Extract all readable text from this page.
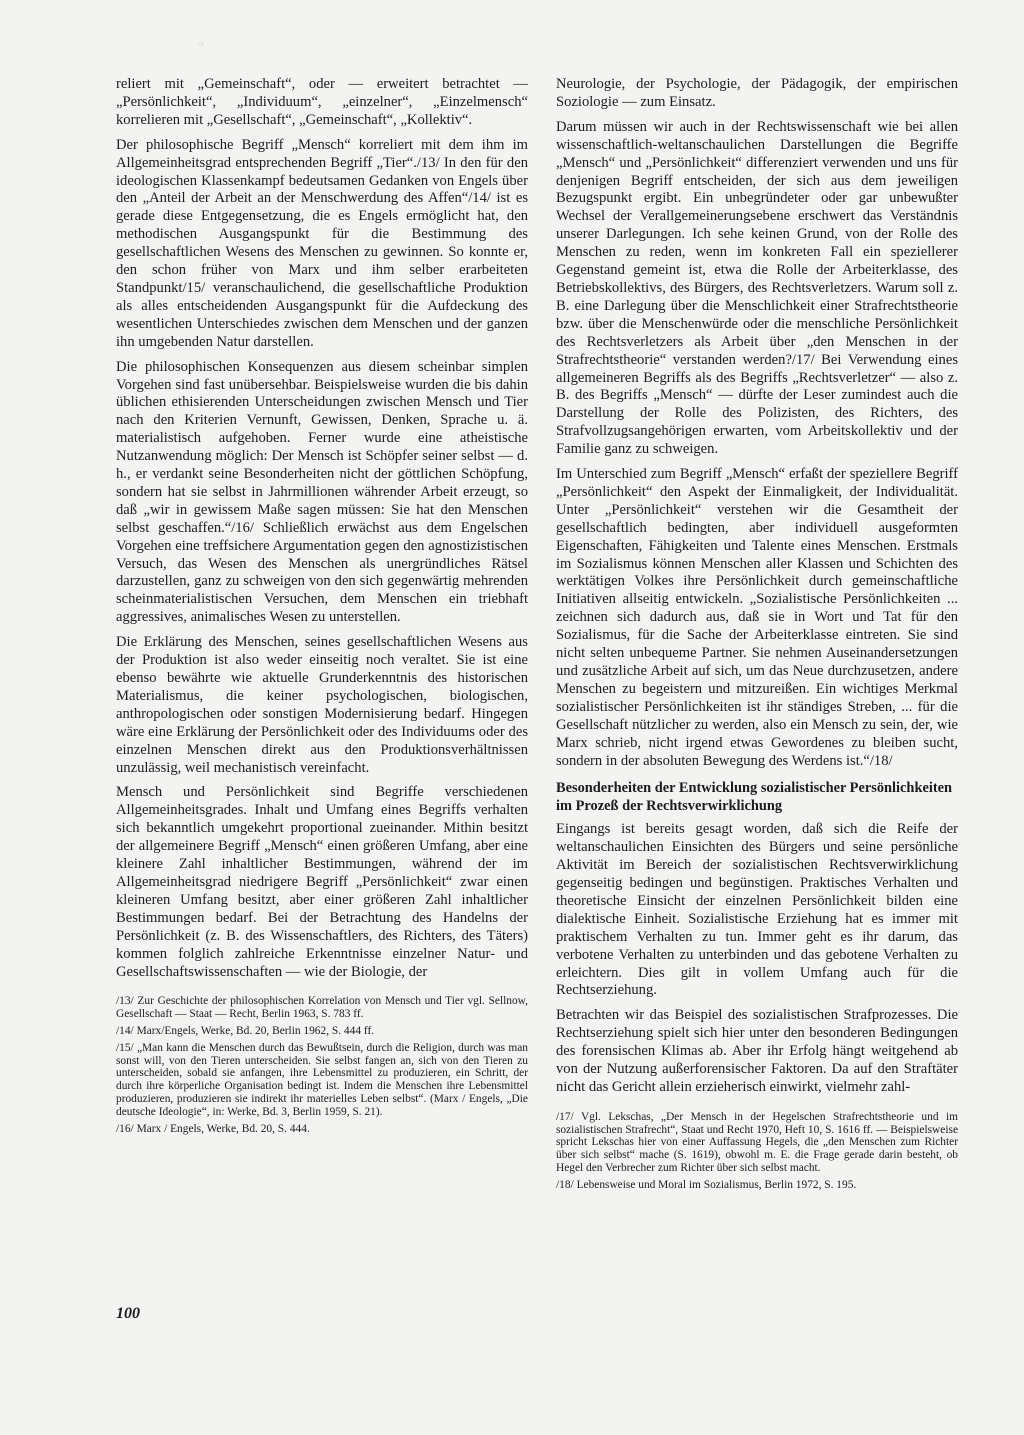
◌

reliert mit „Gemeinschaft“, oder — erweitert betrachtet — „Persönlichkeit“, „Individuum“, „einzelner“, „Einzelmensch“ korrelieren mit „Gesellschaft“, „Gemeinschaft“, „Kollektiv“.

Der philosophische Begriff „Mensch“ korreliert mit dem ihm im Allgemeinheitsgrad entsprechenden Begriff „Tier“./13/ In den für den ideologischen Klassenkampf bedeutsamen Gedanken von Engels über den „Anteil der Arbeit an der Menschwerdung des Affen“/14/ ist es gerade diese Entgegensetzung, die es Engels ermöglicht hat, den methodischen Ausgangspunkt für die Bestimmung des gesellschaftlichen Wesens des Menschen zu gewinnen. So konnte er, den schon früher von Marx und ihm selber erarbeiteten Standpunkt/15/ veranschaulichend, die gesellschaftliche Produktion als alles entscheidenden Ausgangspunkt für die Aufdeckung des wesentlichen Unterschiedes zwischen dem Menschen und der ganzen ihn umgebenden Natur darstellen.

Die philosophischen Konsequenzen aus diesem scheinbar simplen Vorgehen sind fast unübersehbar. Beispielsweise wurden die bis dahin üblichen ethisierenden Unterscheidungen zwischen Mensch und Tier nach den Kriterien Vernunft, Gewissen, Denken, Sprache u. ä. materialistisch aufgehoben. Ferner wurde eine atheistische Nutzanwendung möglich: Der Mensch ist Schöpfer seiner selbst — d. h., er verdankt seine Besonderheiten nicht der göttlichen Schöpfung, sondern hat sie selbst in Jahrmillionen währender Arbeit erzeugt, so daß „wir in gewissem Maße sagen müssen: Sie hat den Menschen selbst geschaffen.“/16/ Schließlich erwächst aus dem Engelschen Vorgehen eine treffsichere Argumentation gegen den agnostizistischen Versuch, das Wesen des Menschen als unergründliches Rätsel darzustellen, ganz zu schweigen von den sich gegenwärtig mehrenden scheinmaterialistischen Versuchen, dem Menschen ein triebhaft aggressives, animalisches Wesen zu unterstellen.

Die Erklärung des Menschen, seines gesellschaftlichen Wesens aus der Produktion ist also weder einseitig noch veraltet. Sie ist eine ebenso bewährte wie aktuelle Grunderkenntnis des historischen Materialismus, die keiner psychologischen, biologischen, anthropologischen oder sonstigen Modernisierung bedarf. Hingegen wäre eine Erklärung der Persönlichkeit oder des Individuums oder des einzelnen Menschen direkt aus den Produktionsverhältnissen unzulässig, weil mechanistisch vereinfacht.

Mensch und Persönlichkeit sind Begriffe verschiedenen Allgemeinheitsgrades. Inhalt und Umfang eines Begriffs verhalten sich bekanntlich umgekehrt proportional zueinander. Mithin besitzt der allgemeinere Begriff „Mensch“ einen größeren Umfang, aber eine kleinere Zahl inhaltlicher Bestimmungen, während der im Allgemeinheitsgrad niedrigere Begriff „Persönlichkeit“ zwar einen kleineren Umfang besitzt, aber einer größeren Zahl inhaltlicher Bestimmungen bedarf. Bei der Betrachtung des Handelns der Persönlichkeit (z. B. des Wissenschaftlers, des Richters, des Täters) kommen folglich zahlreiche Erkenntnisse einzelner Natur- und Gesellschaftswissenschaften — wie der Biologie, der

/13/ Zur Geschichte der philosophischen Korrelation von Mensch und Tier vgl. Sellnow, Gesellschaft — Staat — Recht, Berlin 1963, S. 783 ff.

/14/ Marx/Engels, Werke, Bd. 20, Berlin 1962, S. 444 ff.

/15/ „Man kann die Menschen durch das Bewußtsein, durch die Religion, durch was man sonst will, von den Tieren unterscheiden. Sie selbst fangen an, sich von den Tieren zu unterscheiden, sobald sie anfangen, ihre Lebensmittel zu produzieren, ein Schritt, der durch ihre körperliche Organisation bedingt ist. Indem die Menschen ihre Lebensmittel produzieren, produzieren sie indirekt ihr materielles Leben selbst“. (Marx / Engels, „Die deutsche Ideologie“, in: Werke, Bd. 3, Berlin 1959, S. 21).

/16/ Marx / Engels, Werke, Bd. 20, S. 444.

Neurologie, der Psychologie, der Pädagogik, der empirischen Soziologie — zum Einsatz.

Darum müssen wir auch in der Rechtswissenschaft wie bei allen wissenschaftlich-weltanschaulichen Darstellungen die Begriffe „Mensch“ und „Persönlichkeit“ differenziert verwenden und uns für denjenigen Begriff entscheiden, der sich aus dem jeweiligen Bezugspunkt ergibt. Ein unbegründeter oder gar unbewußter Wechsel der Verallgemeinerungsebene erschwert das Verständnis unserer Darlegungen. Ich sehe keinen Grund, von der Rolle des Menschen zu reden, wenn im konkreten Fall ein speziellerer Gegenstand gemeint ist, etwa die Rolle der Arbeiterklasse, des Betriebskollektivs, des Bürgers, des Rechtsverletzers. Warum soll z. B. eine Darlegung über die Menschlichkeit einer Strafrechtstheorie bzw. über die Menschenwürde oder die menschliche Persönlichkeit des Rechtsverletzers als Arbeit über „den Menschen in der Strafrechtstheorie“ verstanden werden?/17/ Bei Verwendung eines allgemeineren Begriffs als des Begriffs „Rechtsverletzer“ — also z. B. des Begriffs „Mensch“ — dürfte der Leser zumindest auch die Darstellung der Rolle des Polizisten, des Richters, des Strafvollzugsangehörigen erwarten, vom Arbeitskollektiv und der Familie ganz zu schweigen.

Im Unterschied zum Begriff „Mensch“ erfaßt der speziellere Begriff „Persönlichkeit“ den Aspekt der Einmaligkeit, der Individualität. Unter „Persönlichkeit“ verstehen wir die Gesamtheit der gesellschaftlich bedingten, aber individuell ausgeformten Eigenschaften, Fähigkeiten und Talente eines Menschen. Erstmals im Sozialismus können Menschen aller Klassen und Schichten des werktätigen Volkes ihre Persönlichkeit durch gemeinschaftliche Initiativen allseitig entwickeln. „Sozialistische Persönlichkeiten ... zeichnen sich dadurch aus, daß sie in Wort und Tat für den Sozialismus, für die Sache der Arbeiterklasse eintreten. Sie sind nicht selten unbequeme Partner. Sie nehmen Auseinandersetzungen und zusätzliche Arbeit auf sich, um das Neue durchzusetzen, andere Menschen zu begeistern und mitzureißen. Ein wichtiges Merkmal sozialistischer Persönlichkeiten ist ihr ständiges Streben, ... für die Gesellschaft nützlicher zu werden, also ein Mensch zu sein, der, wie Marx schrieb, nicht irgend etwas Gewordenes zu bleiben sucht, sondern in der absoluten Bewegung des Werdens ist.“/18/

Besonderheiten der Entwicklung sozialistischer Persönlichkeiten im Prozeß der Rechtsverwirklichung

Eingangs ist bereits gesagt worden, daß sich die Reife der weltanschaulichen Einsichten des Bürgers und seine persönliche Aktivität im Bereich der sozialistischen Rechtsverwirklichung gegenseitig bedingen und begünstigen. Praktisches Verhalten und theoretische Einsicht der einzelnen Persönlichkeit bilden eine dialektische Einheit. Sozialistische Erziehung hat es immer mit praktischem Verhalten zu tun. Immer geht es ihr darum, das verbotene Verhalten zu unterbinden und das gebotene Verhalten zu erleichtern. Dies gilt in vollem Umfang auch für die Rechtserziehung.

Betrachten wir das Beispiel des sozialistischen Strafprozesses. Die Rechtserziehung spielt sich hier unter den besonderen Bedingungen des forensischen Klimas ab. Aber ihr Erfolg hängt weitgehend ab von der Nutzung außerforensischer Faktoren. Da auf den Straftäter nicht das Gericht allein erzieherisch einwirkt, vielmehr zahl-

/17/ Vgl. Lekschas, „Der Mensch in der Hegelschen Strafrechtstheorie und im sozialistischen Strafrecht“, Staat und Recht 1970, Heft 10, S. 1616 ff. — Beispielsweise spricht Lekschas hier von einer Auffassung Hegels, die „den Menschen zum Richter über sich selbst“ mache (S. 1619), obwohl m. E. die Frage gerade darin besteht, ob Hegel den Verbrecher zum Richter über sich selbst macht.

/18/ Lebensweise und Moral im Sozialismus, Berlin 1972, S. 195.

100
